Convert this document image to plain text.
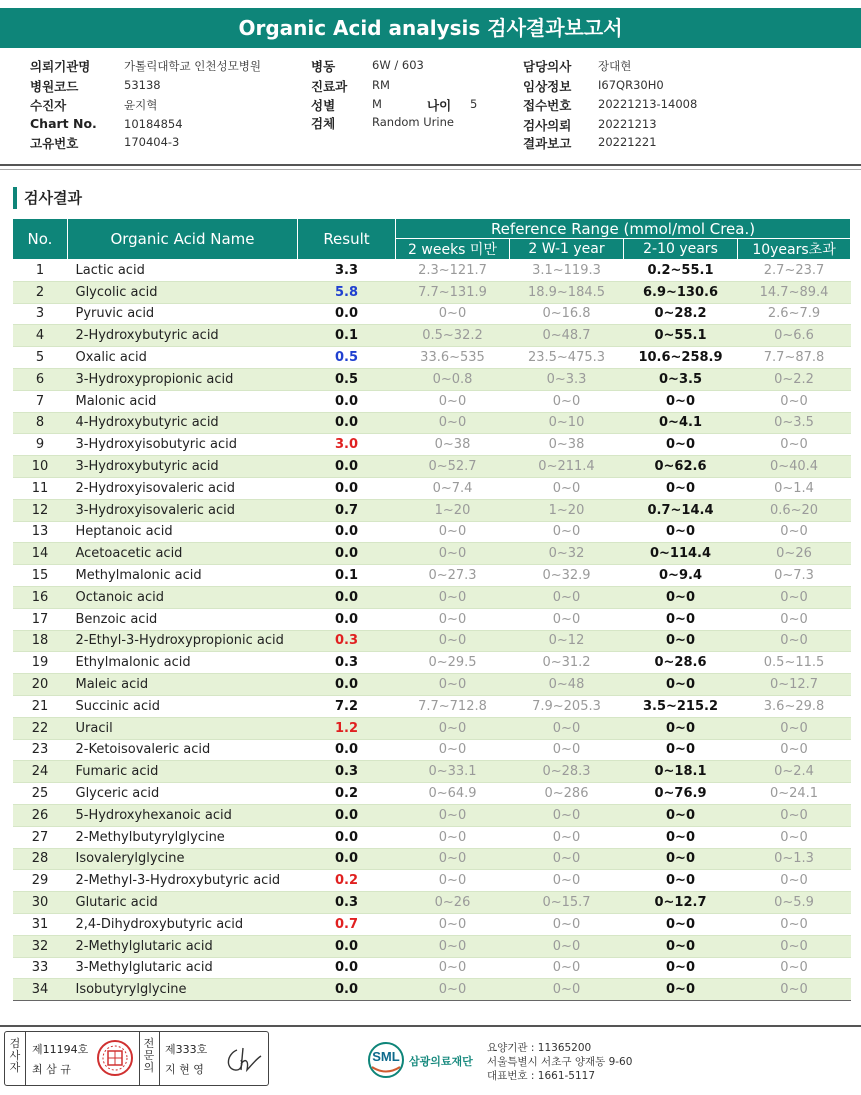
Organic Acid analysis 검사결과보고서
의뢰기관명	가톨릭대학교 인천성모병원
병원코드	53138
수진자	윤지혁
Chart No. 10184854
고유번호	170404-3
병동	6W / 603
진료과 RM
성별	M	나이 5
검체	Random Urine
담당의사 장대현
임상정보 I67QR30H0
접수번호 20221213-14008
검사의뢰 20221213
결과보고 20221221
검사결과
No.	Organic Acid Name	Result	Reference Range (mmol/mol Crea.)			
			2 weeks 미만	2 W-1 year	2-10 years	10years초과
1	Lactic acid	3.3	2.3~121.7	3.1~119.3	0.2~55.1	2.7~23.7
2	Glycolic acid	5.8	7.7~131.9	18.9~184.5	6.9~130.6	14.7~89.4
3	Pyruvic acid	0.0	0~0	0~16.8	0~28.2	2.6~7.9
4	2-Hydroxybutyric acid	0.1	0.5~32.2	0~48.7	0~55.1	0~6.6
5	Oxalic acid	0.5	33.6~535	23.5~475.3	10.6~258.9	7.7~87.8
6	3-Hydroxypropionic acid	0.5	0~0.8	0~3.3	0~3.5	0~2.2
7	Malonic acid	0.0	0~0	0~0	0~0	0~0
8	4-Hydroxybutyric acid	0.0	0~0	0~10	0~4.1	0~3.5
9	3-Hydroxyisobutyric acid	3.0	0~38	0~38	0~0	0~0
10	3-Hydroxybutyric acid	0.0	0~52.7	0~211.4	0~62.6	0~40.4
11	2-Hydroxyisovaleric acid	0.0	0~7.4	0~0	0~0	0~1.4
12	3-Hydroxyisovaleric acid	0.7	1~20	1~20	0.7~14.4	0.6~20
13	Heptanoic acid	0.0	0~0	0~0	0~0	0~0
14	Acetoacetic acid	0.0	0~0	0~32	0~114.4	0~26
15	Methylmalonic acid	0.1	0~27.3	0~32.9	0~9.4	0~7.3
16	Octanoic acid	0.0	0~0	0~0	0~0	0~0
17	Benzoic acid	0.0	0~0	0~0	0~0	0~0
18	2-Ethyl-3-Hydroxypropionic acid	0.3	0~0	0~12	0~0	0~0
19	Ethylmalonic acid	0.3	0~29.5	0~31.2	0~28.6	0.5~11.5
20	Maleic acid	0.0	0~0	0~48	0~0	0~12.7
21	Succinic acid	7.2	7.7~712.8	7.9~205.3	3.5~215.2	3.6~29.8
22	Uracil	1.2	0~0	0~0	0~0	0~0
23	2-Ketoisovaleric acid	0.0	0~0	0~0	0~0	0~0
24	Fumaric acid	0.3	0~33.1	0~28.3	0~18.1	0~2.4
25	Glyceric acid	0.2	0~64.9	0~286	0~76.9	0~24.1
26	5-Hydroxyhexanoic acid	0.0	0~0	0~0	0~0	0~0
27	2-Methylbutyrylglycine	0.0	0~0	0~0	0~0	0~0
28	Isovalerylglycine	0.0	0~0	0~0	0~0	0~1.3
29	2-Methyl-3-Hydroxybutyric acid	0.2	0~0	0~0	0~0	0~0
30	Glutaric acid	0.3	0~26	0~15.7	0~12.7	0~5.9
31	2,4-Dihydroxybutyric acid	0.7	0~0	0~0	0~0	0~0
32	2-Methylglutaric acid	0.0	0~0	0~0	0~0	0~0
33	3-Methylglutaric acid	0.0	0~0	0~0	0~0	0~0
34	Isobutyrylglycine	0.0	0~0	0~0	0~0	0~0
검사자
제11194호
최 삼 규
전문의
제333호
지 현 영
SML 삼광의료재단
요양기관 : 11365200
서울특별시 서초구 양재동 9-60
대표번호 : 1661-5117
